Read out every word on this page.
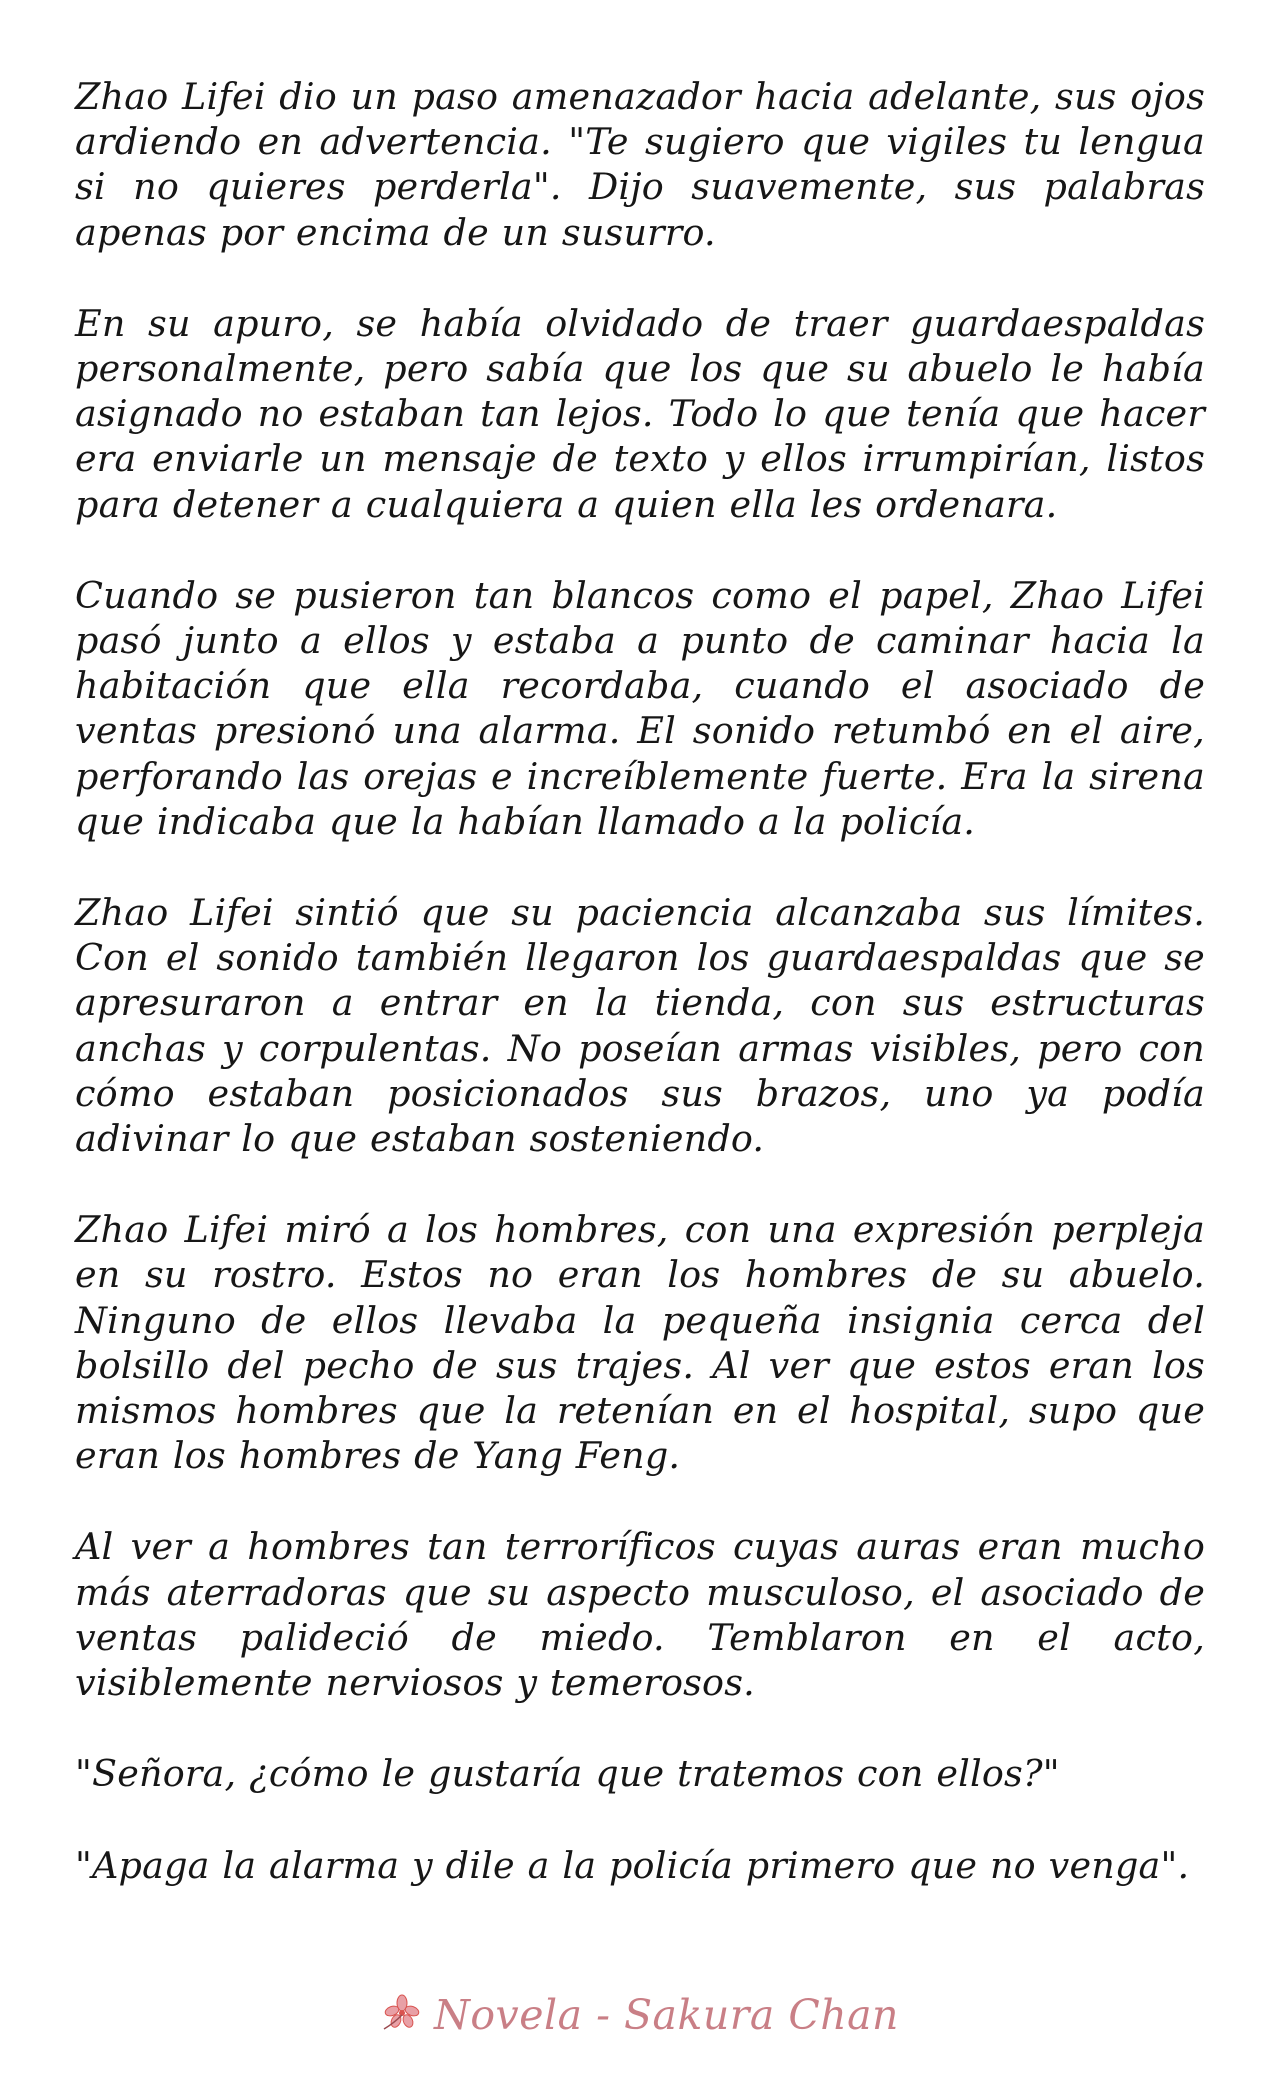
Zhao Lifei dio un paso amenazador hacia adelante, sus ojos ardiendo en advertencia. "Te sugiero que vigiles tu lengua si no quieres perderla". Dijo suavemente, sus palabras apenas por encima de un susurro.

En su apuro, se había olvidado de traer guardaespaldas personalmente, pero sabía que los que su abuelo le había asignado no estaban tan lejos. Todo lo que tenía que hacer era enviarle un mensaje de texto y ellos irrumpirían, listos para detener a cualquiera a quien ella les ordenara.

Cuando se pusieron tan blancos como el papel, Zhao Lifei pasó junto a ellos y estaba a punto de caminar hacia la habitación que ella recordaba, cuando el asociado de ventas presionó una alarma. El sonido retumbó en el aire, perforando las orejas e increíblemente fuerte. Era la sirena que indicaba que la habían llamado a la policía.

Zhao Lifei sintió que su paciencia alcanzaba sus límites. Con el sonido también llegaron los guardaespaldas que se apresuraron a entrar en la tienda, con sus estructuras anchas y corpulentas. No poseían armas visibles, pero con cómo estaban posicionados sus brazos, uno ya podía adivinar lo que estaban sosteniendo.

Zhao Lifei miró a los hombres, con una expresión perpleja en su rostro. Estos no eran los hombres de su abuelo. Ninguno de ellos llevaba la pequeña insignia cerca del bolsillo del pecho de sus trajes. Al ver que estos eran los mismos hombres que la retenían en el hospital, supo que eran los hombres de Yang Feng.

Al ver a hombres tan terroríficos cuyas auras eran mucho más aterradoras que su aspecto musculoso, el asociado de ventas palideció de miedo. Temblaron en el acto, visiblemente nerviosos y temerosos.

"Señora, ¿cómo le gustaría que tratemos con ellos?"

"Apaga la alarma y dile a la policía primero que no venga".

Novela - Sakura Chan
